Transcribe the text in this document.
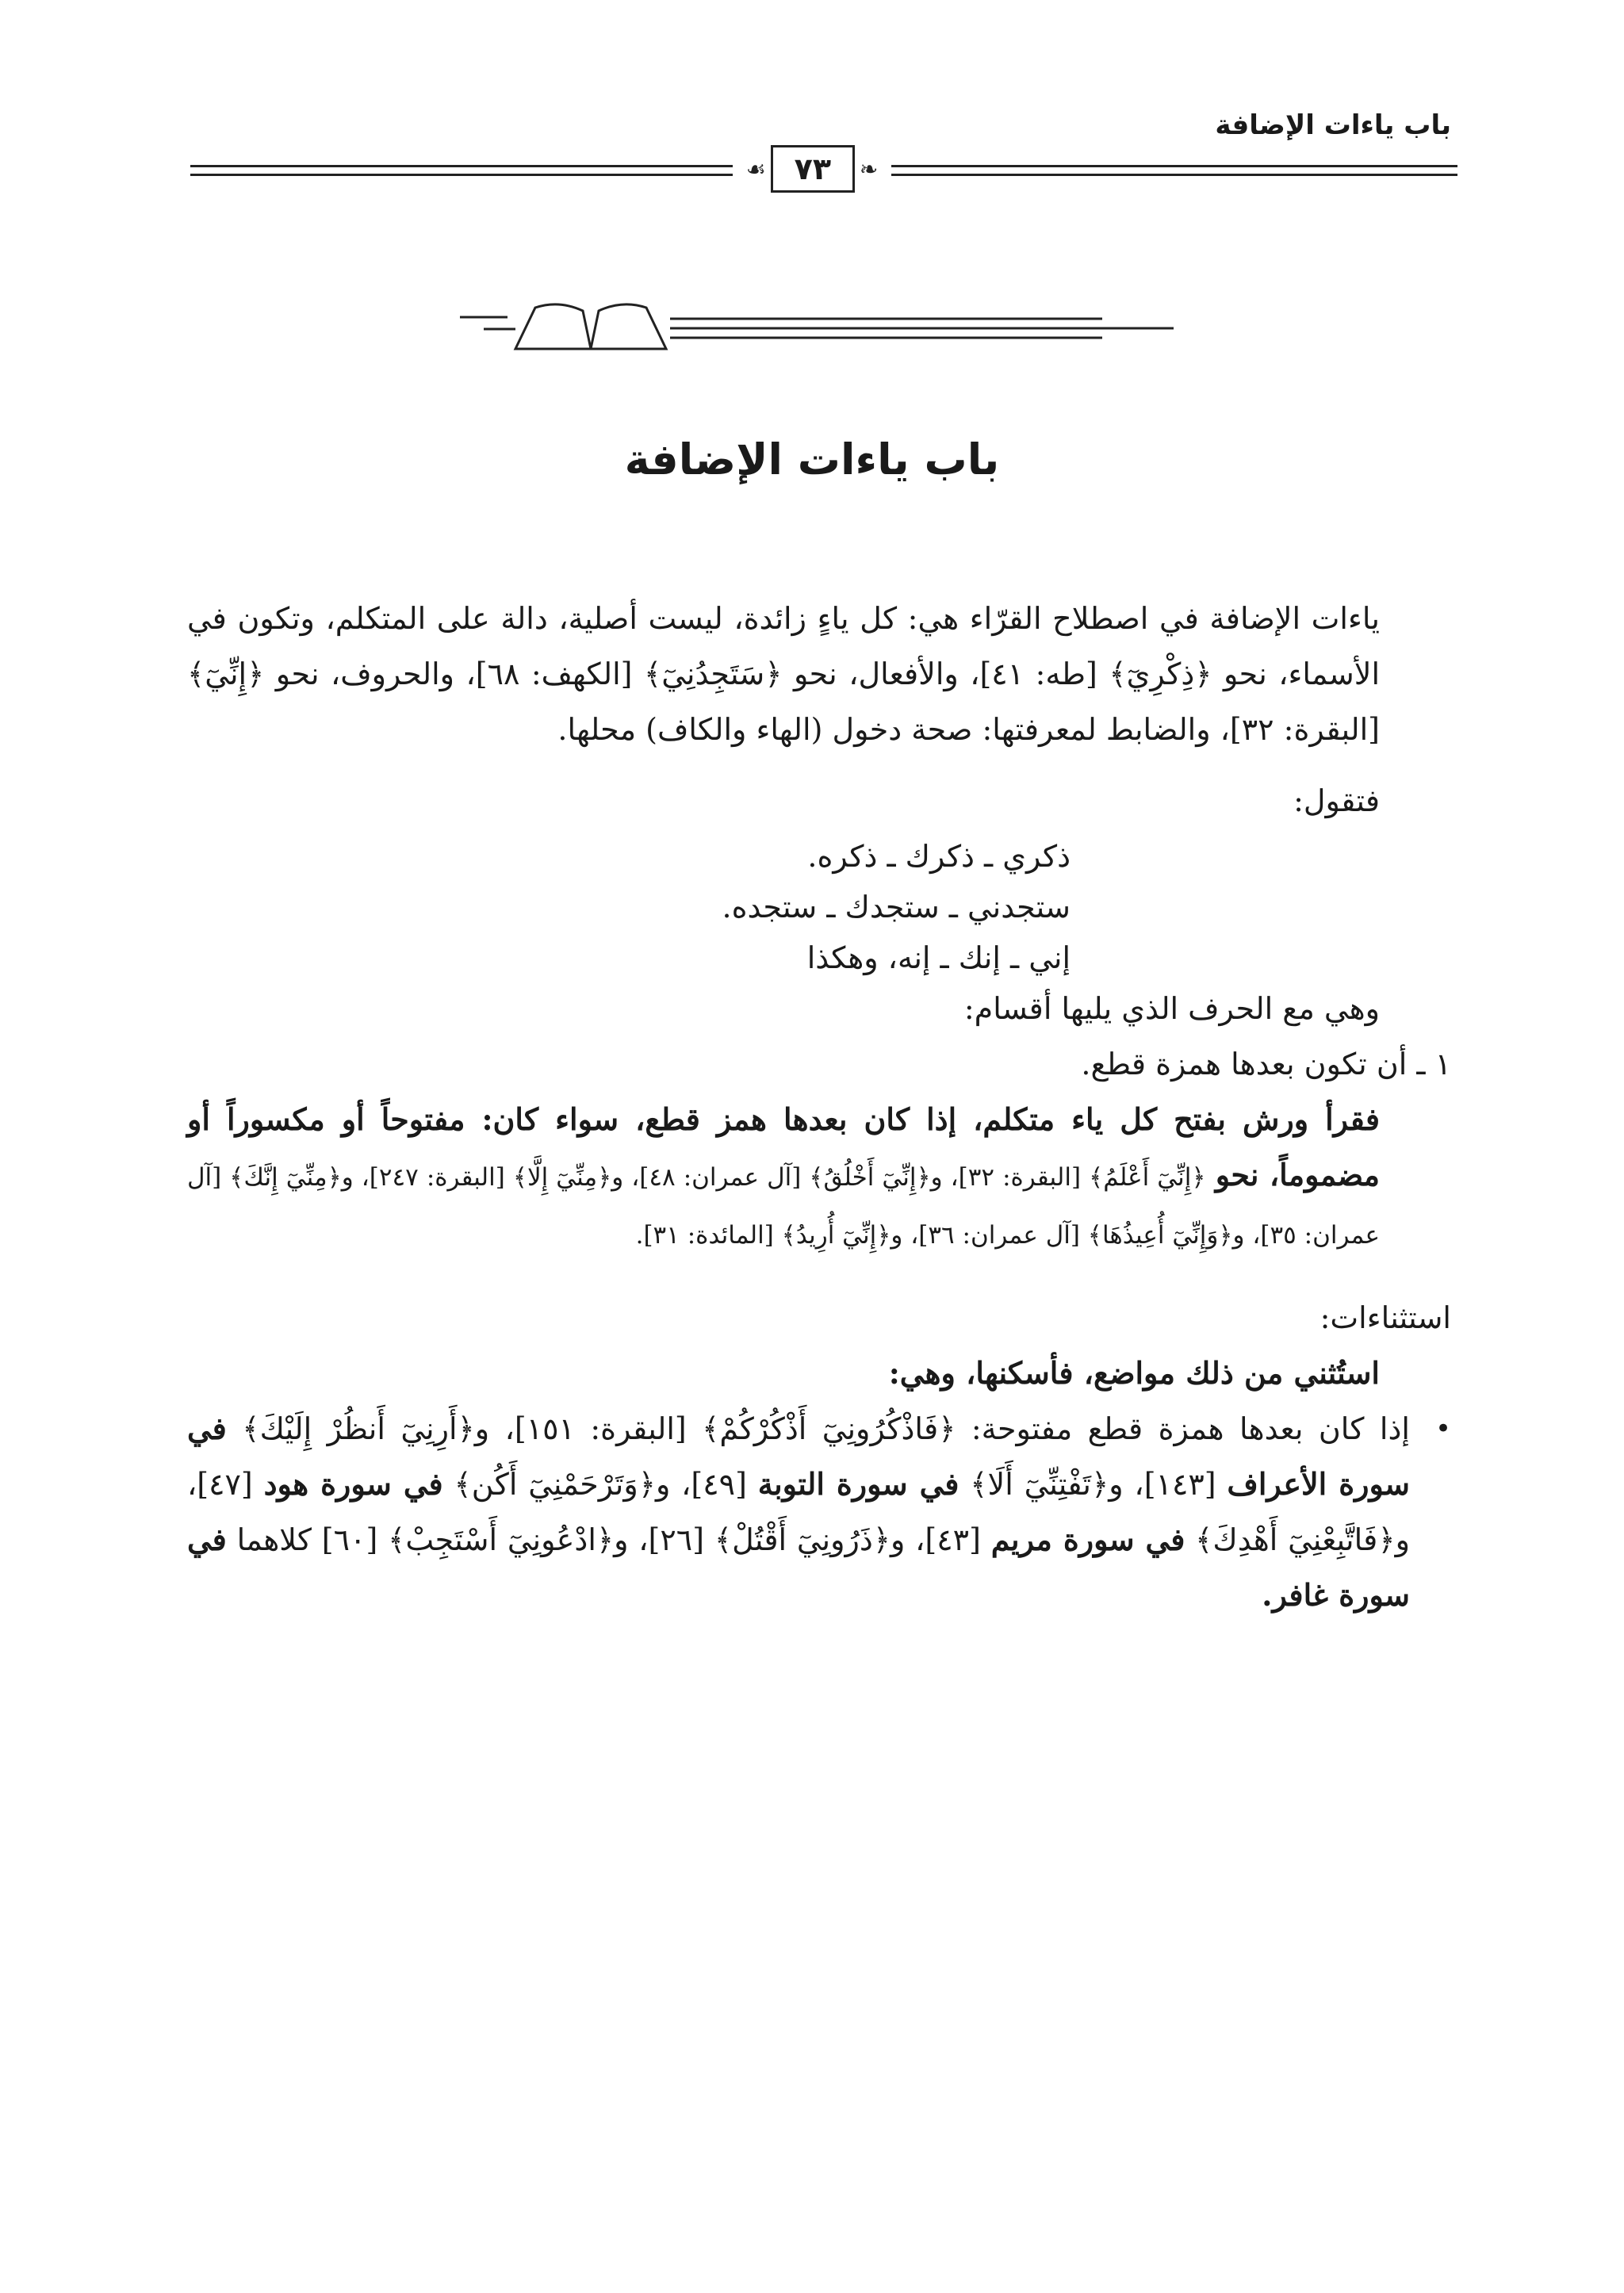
باب ياءات الإضافة
❧
٧٣
☙
باب ياءات الإضافة

ياءات الإضافة في اصطلاح القرّاء هي: كل ياءٍ زائدة، ليست أصلية، دالة على المتكلم، وتكون في الأسماء، نحو ﴿ذِكْرِيٓ﴾ [طه: ٤١]، والأفعال، نحو ﴿سَتَجِدُنِيٓ﴾ [الكهف: ٦٨]، والحروف، نحو ﴿إِنِّيٓ﴾ [البقرة: ٣٢]، والضابط لمعرفتها: صحة دخول (الهاء والكاف) محلها.

فتقول:

ذكري ـ ذكرك ـ ذكره.

ستجدني ـ ستجدك ـ ستجده.

إني ـ إنك ـ إنه، وهكذا

وهي مع الحرف الذي يليها أقسام:

١ ـ أن تكون بعدها همزة قطع.

فقرأ ورش بفتح كل ياء متكلم، إذا كان بعدها همز قطع، سواء كان: مفتوحاً أو مكسوراً أو مضموماً، نحو ﴿إِنِّيٓ أَعْلَمُ﴾ [البقرة: ٣٢]، و﴿إِنِّيٓ أَخْلُقُ﴾ [آل عمران: ٤٨]، و﴿مِنِّيٓ إِلَّا﴾ [البقرة: ٢٤٧]، و﴿مِنِّيٓ إِنَّكَ﴾ [آل عمران: ٣٥]، و﴿وَإِنِّيٓ أُعِيذُهَا﴾ [آل عمران: ٣٦]، و﴿إِنِّيٓ أُرِيدُ﴾ [المائدة: ٣١].

استثناءات:

استُثني من ذلك مواضع، فأسكنها، وهي:

•
إذا كان بعدها همزة قطع مفتوحة: ﴿فَاذْكُرُونِيٓ أَذْكُرْكُمْ﴾ [البقرة: ١٥١]، و﴿أَرِنِيٓ أَنظُرْ إِلَيْكَ﴾ في سورة الأعراف [١٤٣]، و﴿تَفْتِنِّيٓ أَلَا﴾ في سورة التوبة [٤٩]، و﴿وَتَرْحَمْنِيٓ أَكُن﴾ في سورة هود [٤٧]، و﴿فَاتَّبِعْنِيٓ أَهْدِكَ﴾ في سورة مريم [٤٣]، و﴿ذَرُونِيٓ أَقْتُلْ﴾ [٢٦]، و﴿ادْعُونِيٓ أَسْتَجِبْ﴾ [٦٠] كلاهما في سورة غافر.
